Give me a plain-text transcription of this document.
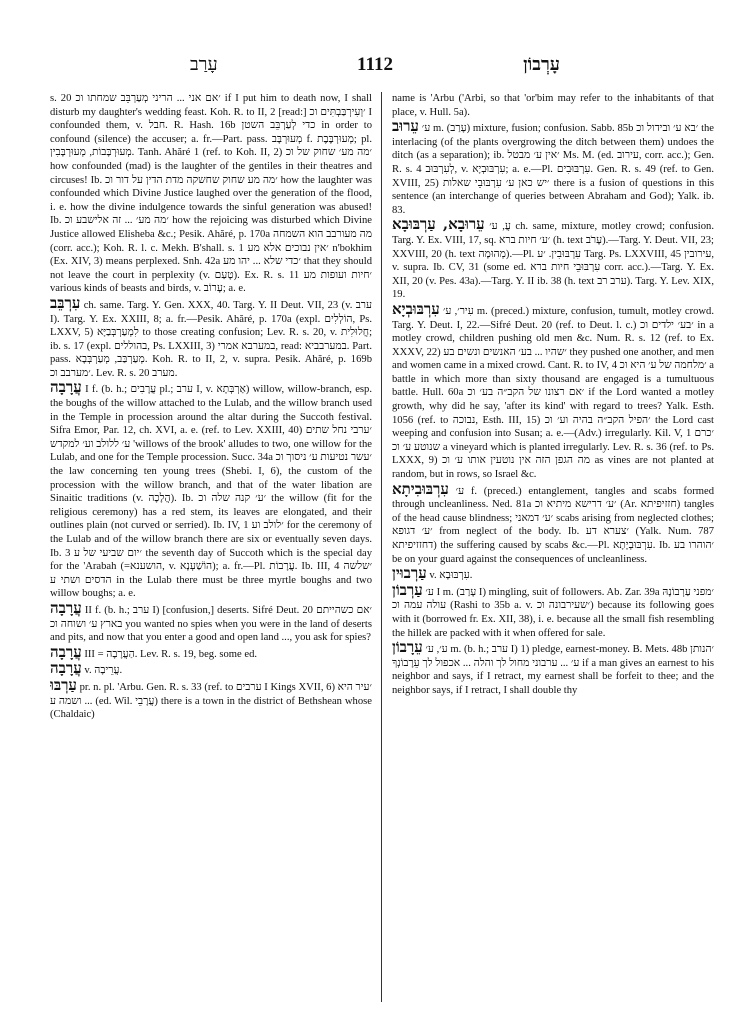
עָרַב	1112	עָרְבוֹן

s. 20 ׳אם אני ... הריני מְעַרְבֵּב שמחתו וכ if I put him to death now, I shall disturb my daughter's wedding feast. Koh. R. to II, 2 [read:] ׳וְעִירְבַּבְתִּים וכ I confounded them, v. חבל. R. Hash. 16b כדי לְעַרְבֵּב השטן in order to confound (silence) the accuser; a. fr.—Part. pass. מְעוּרְבָּב f. מְעוּרְבֶּבֶת; pl. מְעוּרְבָּבוֹת, מְעוּרְבָּבִין. Tanh. Ahăré 1 (ref. to Koh. II, 2) ׳מה מע׳ שחוק של וכ how confounded (mad) is the laughter of the gentiles in their theatres and circuses! Ib. ׳מה מע שחוק שחשקה מדת הדין על דור וכ how the laughter was confounded which Divine Justice laughed over the generation of the flood, i. e. how the divine indulgence towards the sinful generation was abused! Ib. ׳מה מע׳ ... זה אלישבע וכ how the rejoicing was disturbed which Divine Justice allowed Elisheba &c.; Pesik. Ahăré, p. 170a מה מעורבב הוא השמחה (corr. acc.); Koh. R. l. c. Mekh. B'shall. s. 1 ׳אין נבוכים אלא מע n'bokhim (Ex. XIV, 3) means perplexed. Snh. 42a ׳כדי שלא ... יהו מע that they should not leave the court in perplexity (v. טָעַם). Ex. R. s. 11 ׳חיות ועופות מע various kinds of beasts and birds, v. עָרוֹב; a. e.

עִרְבֵּב ch. same. Targ. Y. Gen. XXX, 40. Targ. Y. II Deut. VII, 23 (v. ערב I). Targ. Y. Ex. XXIII, 8; a. fr.—Pesik. Ahăré, p. 170a (expl. הוֹלְלִים, Ps. LXXV, 5) לִמְעַרְבְּבַיָּא to those creating confusion; Lev. R. s. 20, v. חֲלוּלִית; ib. s. 17 (expl. בהוללים, Ps. LXXIII, 3) במערבא אמרי, read: במערבביא. Part. pass. מְעַרְבַּב, מְעַרְבְּבָא. Koh. R. to II, 2, v. supra. Pesik. Ahăré, p. 169b ׳מערבב וכ. Lev. R. s. 20 מערב.

עֲרָבָה I f. (b. h.; עֲרָבִים pl.; ערב I, v. אַרְבְּתָא) willow, willow-branch, esp. the boughs of the willow attached to the Lulab, and the willow branch used in the Temple in procession around the altar during the Succoth festival. Sifra Emor, Par. 12, ch. XVI, a. e. (ref. to Lev. XXIII, 40) ׳ערבי נחל שתים ע׳ ללולב וע׳ למקדש 'willows of the brook' alludes to two, one willow for the Lulab, and one for the Temple procession. Succ. 34a ׳עשר נטיעות ע׳ ניסוך וכ the law concerning ten young trees (Shebi. I, 6), the custom of the procession with the willow branch, and that of the water libation are Sinaitic traditions (v. הֲלָכָה). Ib. ׳ע׳ קנה שלה וכ the willow (fit for the religious ceremony) has a red stem, its leaves are elongated, and their outlines plain (not curved or serried). Ib. IV, 1 ׳לולב וע for the ceremony of the Lulab and of the willow branch there are six or eventually seven days. Ib. 3 ׳יום שביעי של ע the seventh day of Succoth which is the special day for the 'Arabah (=הושענא, v. הוֹשַׁעְנָא); a. fr.—Pl. עֲרָבוֹת. Ib. III, 4 ׳שלשה הדסים ושתי ע in the Lulab there must be three myrtle boughs and two willow boughs; a. e.

עֲרָבָה II f. (b. h.; ערב I) [confusion,] deserts. Sifré Deut. 20 ׳אם כשהייתם בארץ ע׳ ושוחה וכ you wanted no spies when you were in the land of deserts and pits, and now that you enter a good and open land ..., you ask for spies?

עֲרָבָה III = הַעֲרָבָה. Lev. R. s. 19, beg. some ed.

עֲרָבָה v. עֲרֵיבָה.

עַרְבּוּ pr. n. pl. 'Arbu. Gen. R. s. 33 (ref. to ערבים I Kings XVII, 6) ׳עיר היא ... ושמה ע (ed. Wil. עֲרָבֵי) there is a town in the district of Bethshean whose (Chaldaic)

name is 'Arbu ('Arbi, so that 'or'bim may refer to the inhabitants of that place, v. Hull. 5a).

עֵרוּב ע׳ m. (עָרַב) mixture, fusion; confusion. Sabb. 85b ׳בא ע׳ ובידול וכ the interlacing (of the plants overgrowing the ditch between them) undoes the ditch (as a separation); ib. ׳אין ע׳ מבטל Ms. M. (ed. עירוב, corr. acc.); Gen. R. s. 4 לְעִרְבּוּב, v. עִרְבּוּבְיָא; a. e.—Pl. עִרְבּוּבִים. Gen. R. s. 49 (ref. to Gen. XVIII, 25) ׳יש כאן ע׳ עִרְבּוּבֵי שאלות there is a fusion of questions in this sentence (an interchange of queries between Abraham and God); Yalk. ib. 83.

עֵרוּבָא, עַרְבּוּבָא עֲ, ע׳ ch. same, mixture, motley crowd; confusion. Targ. Y. Ex. VIII, 17, sq. ׳ע׳ חיות ברא (h. text עָרֹב).—Targ. Y. Deut. VII, 23; XXVIII, 20 (h. text מְהוּמָה).—Pl. עִרְבּוּבִין. ׳ע Targ. Ps. LXXVIII, 45 עירובין, v. supra. Ib. CV, 31 (some ed. עִרְבּוּבֵי חיות ברא corr. acc.).—Targ. Y. Ex. XII, 20 (v. Pes. 43a).—Targ. Y. II ib. 38 (h. text ערב רב). Targ. Y. Lev. XIX, 19.

עִרְבּוּבְיָא עִיר׳, ע׳ m. (preced.) mixture, confusion, tumult, motley crowd. Targ. Y. Deut. I, 22.—Sifré Deut. 20 (ref. to Deut. l. c.) ׳בע׳ ילדים וכ in a motley crowd, children pushing old men &c. Num. R. s. 12 (ref. to Ex. XXXV, 22) ׳שהיו ... בע׳ האנשים ונשים בע they pushed one another, and men and women came in a mixed crowd. Cant. R. to IV, 4 ׳מלחמה של ע׳ היא וכ a battle in which more than sixty thousand are engaged is a tumultuous battle. Hull. 60a ׳אם רצונו של הקב״ה בע׳ וכ if the Lord wanted a motley growth, why did he say, 'after its kind' with regard to trees? Yalk. Esth. 1056 (ref. to נבוכה, Esth. III, 15) ׳הפיל הקב״ה בהיה וע׳ וכ the Lord cast weeping and confusion into Susan; a. e.—(Adv.) irregularly. Kil. V, 1 ׳כרם שנוטע ע׳ וכ a vineyard which is planted irregularly. Lev. R. s. 36 (ref. to Ps. LXXX, 9) מה הגפן הזה אין נוטעין אותו ע׳ וכ as vines are not planted at random, but in rows, so Israel &c.

עִרְבּוּבִיתָא ע׳ f. (preced.) entanglement, tangles and scabs formed through uncleanliness. Ned. 81a ׳ע׳ דרישא מיתיא וכ (Ar. חזזיפיתא) tangles of the head cause blindness; ׳ע׳ דמאני scabs arising from neglected clothes; ׳ע׳ דגופא from neglect of the body. Ib. ׳צערא דע (Yalk. Num. 787 דחזזיפיתא) the suffering caused by scabs &c.—Pl. עִרְבּוּבְיָתָא. Ib. ׳הוהרו בע be on your guard against the consequences of uncleanliness.

עַרְבוּין v. עִרְבּוּבָא.

עַרְבוֹן ע׳ I m. (עָרַב I) mingling, suit of followers. Ab. Zar. 39a ׳מפני עַרְבוֹנָהּ עולה עמה וכ (Rashi to 35b a. v. ׳שעירבונה וכ) because its following goes with it (borrowed fr. Ex. XII, 38), i. e. because all the small fish resembling the hillek are packed with it when offered for sale.

עֵרָבוֹן ע׳, ע׳ m. (b. h.; ערב I) 1) pledge, earnest-money. B. Mets. 48b ׳הנותן ע׳ ... ערבוני מחול לך והלה ... אכפול לך עֵרָבוֹנְךָ if a man gives an earnest to his neighbor and says, if I retract, my earnest shall be forfeit to thee; and the neighbor says, if I retract, I shall double thy
